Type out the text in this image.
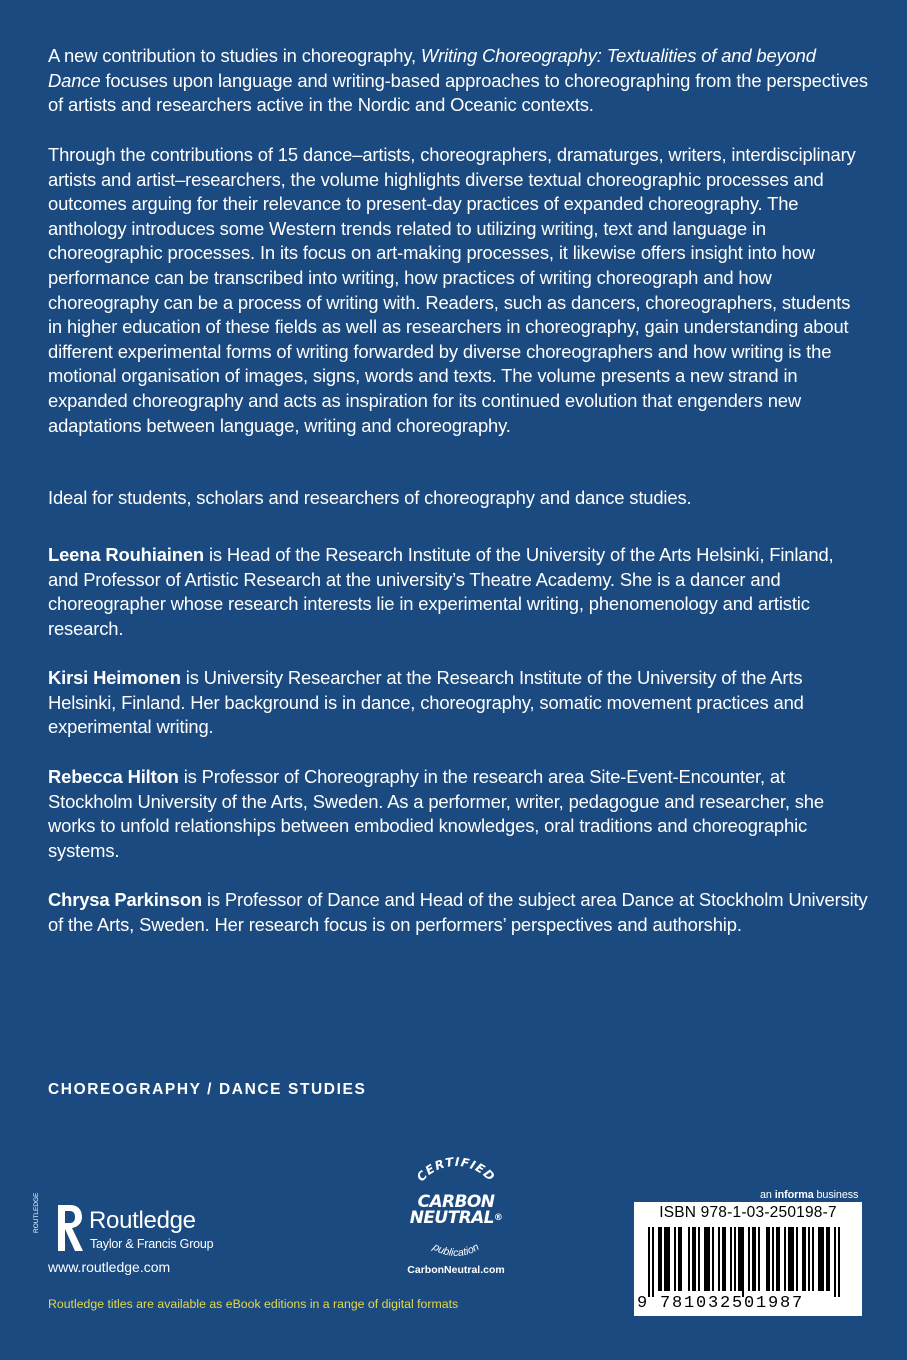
A new contribution to studies in choreography, Writing Choreography: Textualities of and beyond Dance focuses upon language and writing-based approaches to choreographing from the perspectives of artists and researchers active in the Nordic and Oceanic contexts.

Through the contributions of 15 dance–artists, choreographers, dramaturges, writers, interdisciplinary artists and artist–researchers, the volume highlights diverse textual choreographic processes and outcomes arguing for their relevance to present-day practices of expanded choreography. The anthology introduces some Western trends related to utilizing writing, text and language in choreographic processes. In its focus on art-making processes, it likewise offers insight into how performance can be transcribed into writing, how practices of writing choreograph and how choreography can be a process of writing with. Readers, such as dancers, choreographers, students in higher education of these fields as well as researchers in choreography, gain understanding about different experimental forms of writing forwarded by diverse choreographers and how writing is the motional organisation of images, signs, words and texts. The volume presents a new strand in expanded choreography and acts as inspiration for its continued evolution that engenders new adaptations between language, writing and choreography.

Ideal for students, scholars and researchers of choreography and dance studies.

Leena Rouhiainen is Head of the Research Institute of the University of the Arts Helsinki, Finland, and Professor of Artistic Research at the university’s Theatre Academy. She is a dancer and choreographer whose research interests lie in experimental writing, phenomenology and artistic research.

Kirsi Heimonen is University Researcher at the Research Institute of the University of the Arts Helsinki, Finland. Her background is in dance, choreography, somatic movement practices and experimental writing.

Rebecca Hilton is Professor of Choreography in the research area Site-Event-Encounter, at Stockholm University of the Arts, Sweden. As a performer, writer, pedagogue and researcher, she works to unfold relationships between embodied knowledges, oral traditions and choreographic systems.

Chrysa Parkinson is Professor of Dance and Head of the subject area Dance at Stockholm University of the Arts, Sweden. Her research focus is on performers’ perspectives and authorship.

CHOREOGRAPHY / DANCE STUDIES
ROUTLEDGE Routledge
Taylor & Francis Group
www.routledge.com
Routledge titles are available as eBook editions in a range of digital formats
CERTIFIED
publication
CARBON
NEUTRAL®
CarbonNeutral.com
an informa business
ISBN 978-1-03-250198-7
9 781032501987
